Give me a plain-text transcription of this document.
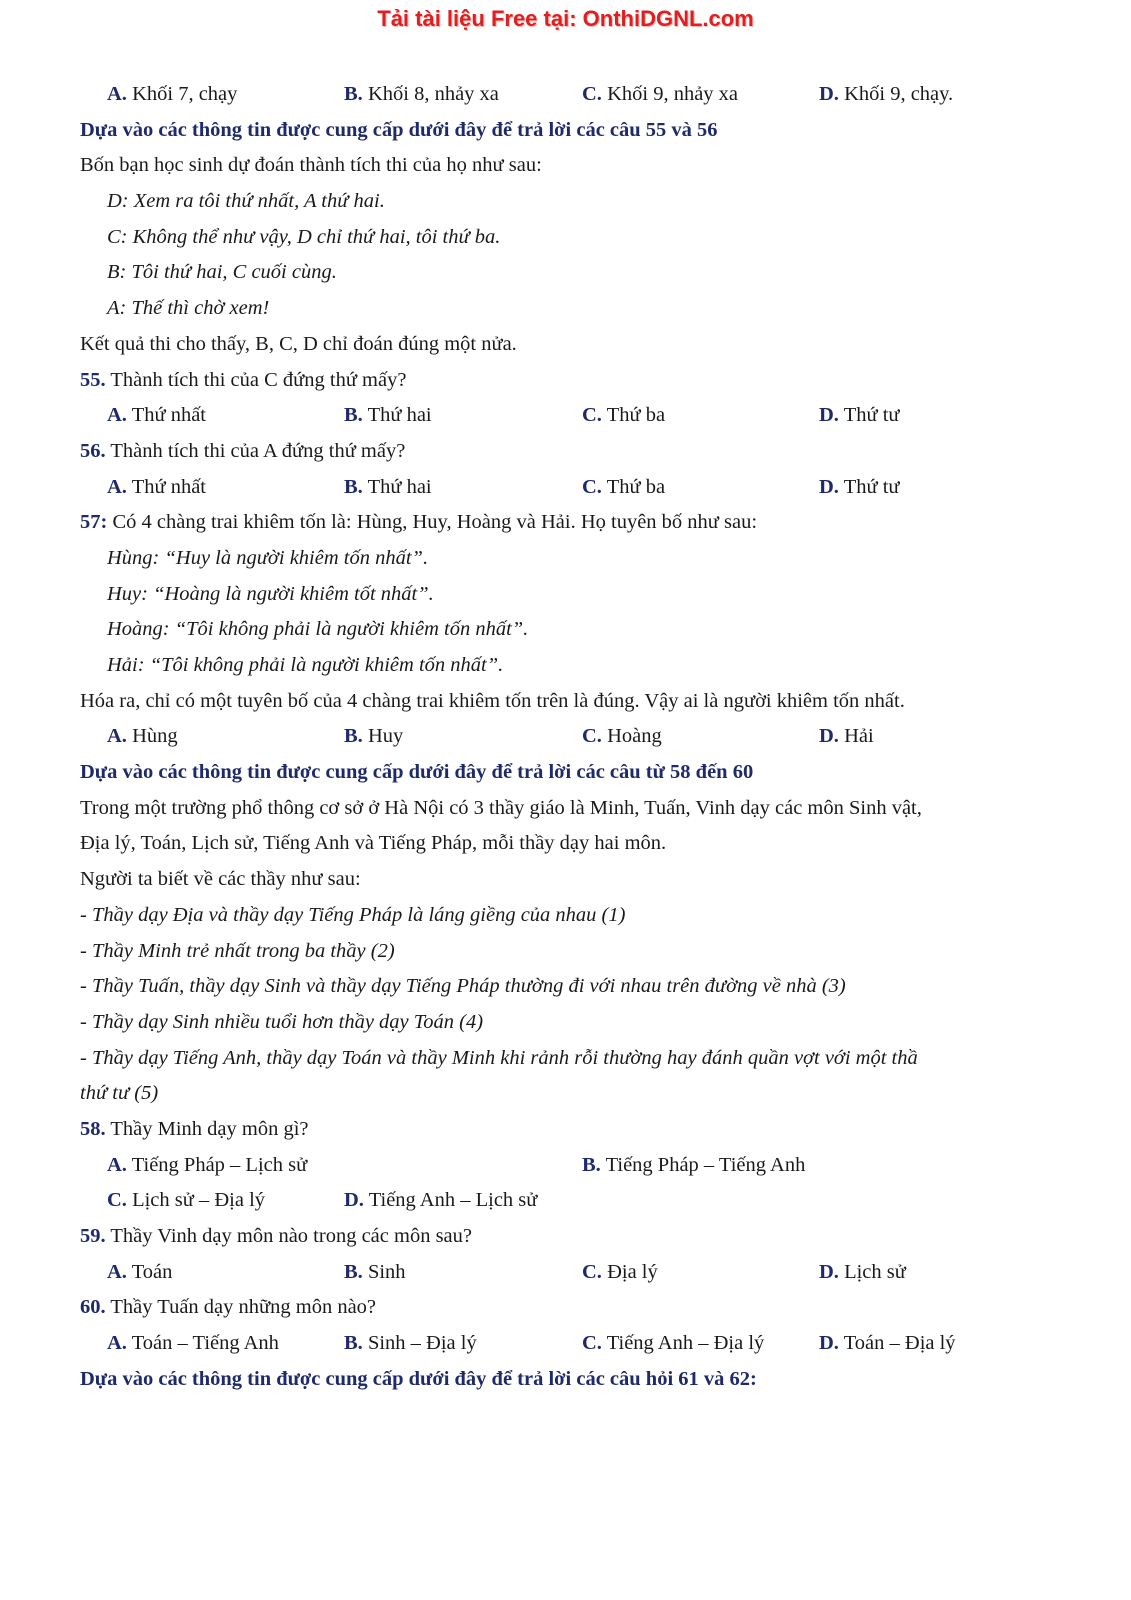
Tải tài liệu Free tại: OnthiDGNL.com
A. Khối 7, chạy	B. Khối 8, nhảy xa	C. Khối 9, nhảy xa	D. Khối 9, chạy.
Dựa vào các thông tin được cung cấp dưới đây để trả lời các câu 55 và 56
Bốn bạn học sinh dự đoán thành tích thi của họ như sau:
D: Xem ra tôi thứ nhất, A thứ hai.
C: Không thể như vậy, D chỉ thứ hai, tôi thứ ba.
B: Tôi thứ hai, C cuối cùng.
A: Thế thì chờ xem!
Kết quả thi cho thấy, B, C, D chỉ đoán đúng một nửa.
55. Thành tích thi của C đứng thứ mấy?
A. Thứ nhất	B. Thứ hai	C. Thứ ba	D. Thứ tư
56. Thành tích thi của A đứng thứ mấy?
A. Thứ nhất	B. Thứ hai	C. Thứ ba	D. Thứ tư
57: Có 4 chàng trai khiêm tốn là: Hùng, Huy, Hoàng và Hải. Họ tuyên bố như sau:
Hùng: “Huy là người khiêm tốn nhất”.
Huy: “Hoàng là người khiêm tốt nhất”.
Hoàng: “Tôi không phải là người khiêm tốn nhất”.
Hải: “Tôi không phải là người khiêm tốn nhất”.
Hóa ra, chỉ có một tuyên bố của 4 chàng trai khiêm tốn trên là đúng. Vậy ai là người khiêm tốn nhất.
A. Hùng	B. Huy	C. Hoàng	D. Hải
Dựa vào các thông tin được cung cấp dưới đây để trả lời các câu từ 58 đến 60
Trong một trường phổ thông cơ sở ở Hà Nội có 3 thầy giáo là Minh, Tuấn, Vinh dạy các môn Sinh vật,
Địa lý, Toán, Lịch sử, Tiếng Anh và Tiếng Pháp, mỗi thầy dạy hai môn.
Người ta biết về các thầy như sau:
- Thầy dạy Địa và thầy dạy Tiếng Pháp là láng giềng của nhau (1)
- Thầy Minh trẻ nhất trong ba thầy (2)
- Thầy Tuấn, thầy dạy Sinh và thầy dạy Tiếng Pháp thường đi với nhau trên đường về nhà (3)
- Thầy dạy Sinh nhiều tuổi hơn thầy dạy Toán (4)
- Thầy dạy Tiếng Anh, thầy dạy Toán và thầy Minh khi rảnh rỗi thường hay đánh quần vợt với một thầ
thứ tư (5)
58. Thầy Minh dạy môn gì?
A. Tiếng Pháp – Lịch sử	B. Tiếng Pháp – Tiếng Anh
C. Lịch sử – Địa lý	D. Tiếng Anh – Lịch sử
59. Thầy Vinh dạy môn nào trong các môn sau?
A. Toán	B. Sinh	C. Địa lý	D. Lịch sử
60. Thầy Tuấn dạy những môn nào?
A. Toán – Tiếng Anh	B. Sinh – Địa lý	C. Tiếng Anh – Địa lý	D. Toán – Địa lý
Dựa vào các thông tin được cung cấp dưới đây để trả lời các câu hỏi 61 và 62:
